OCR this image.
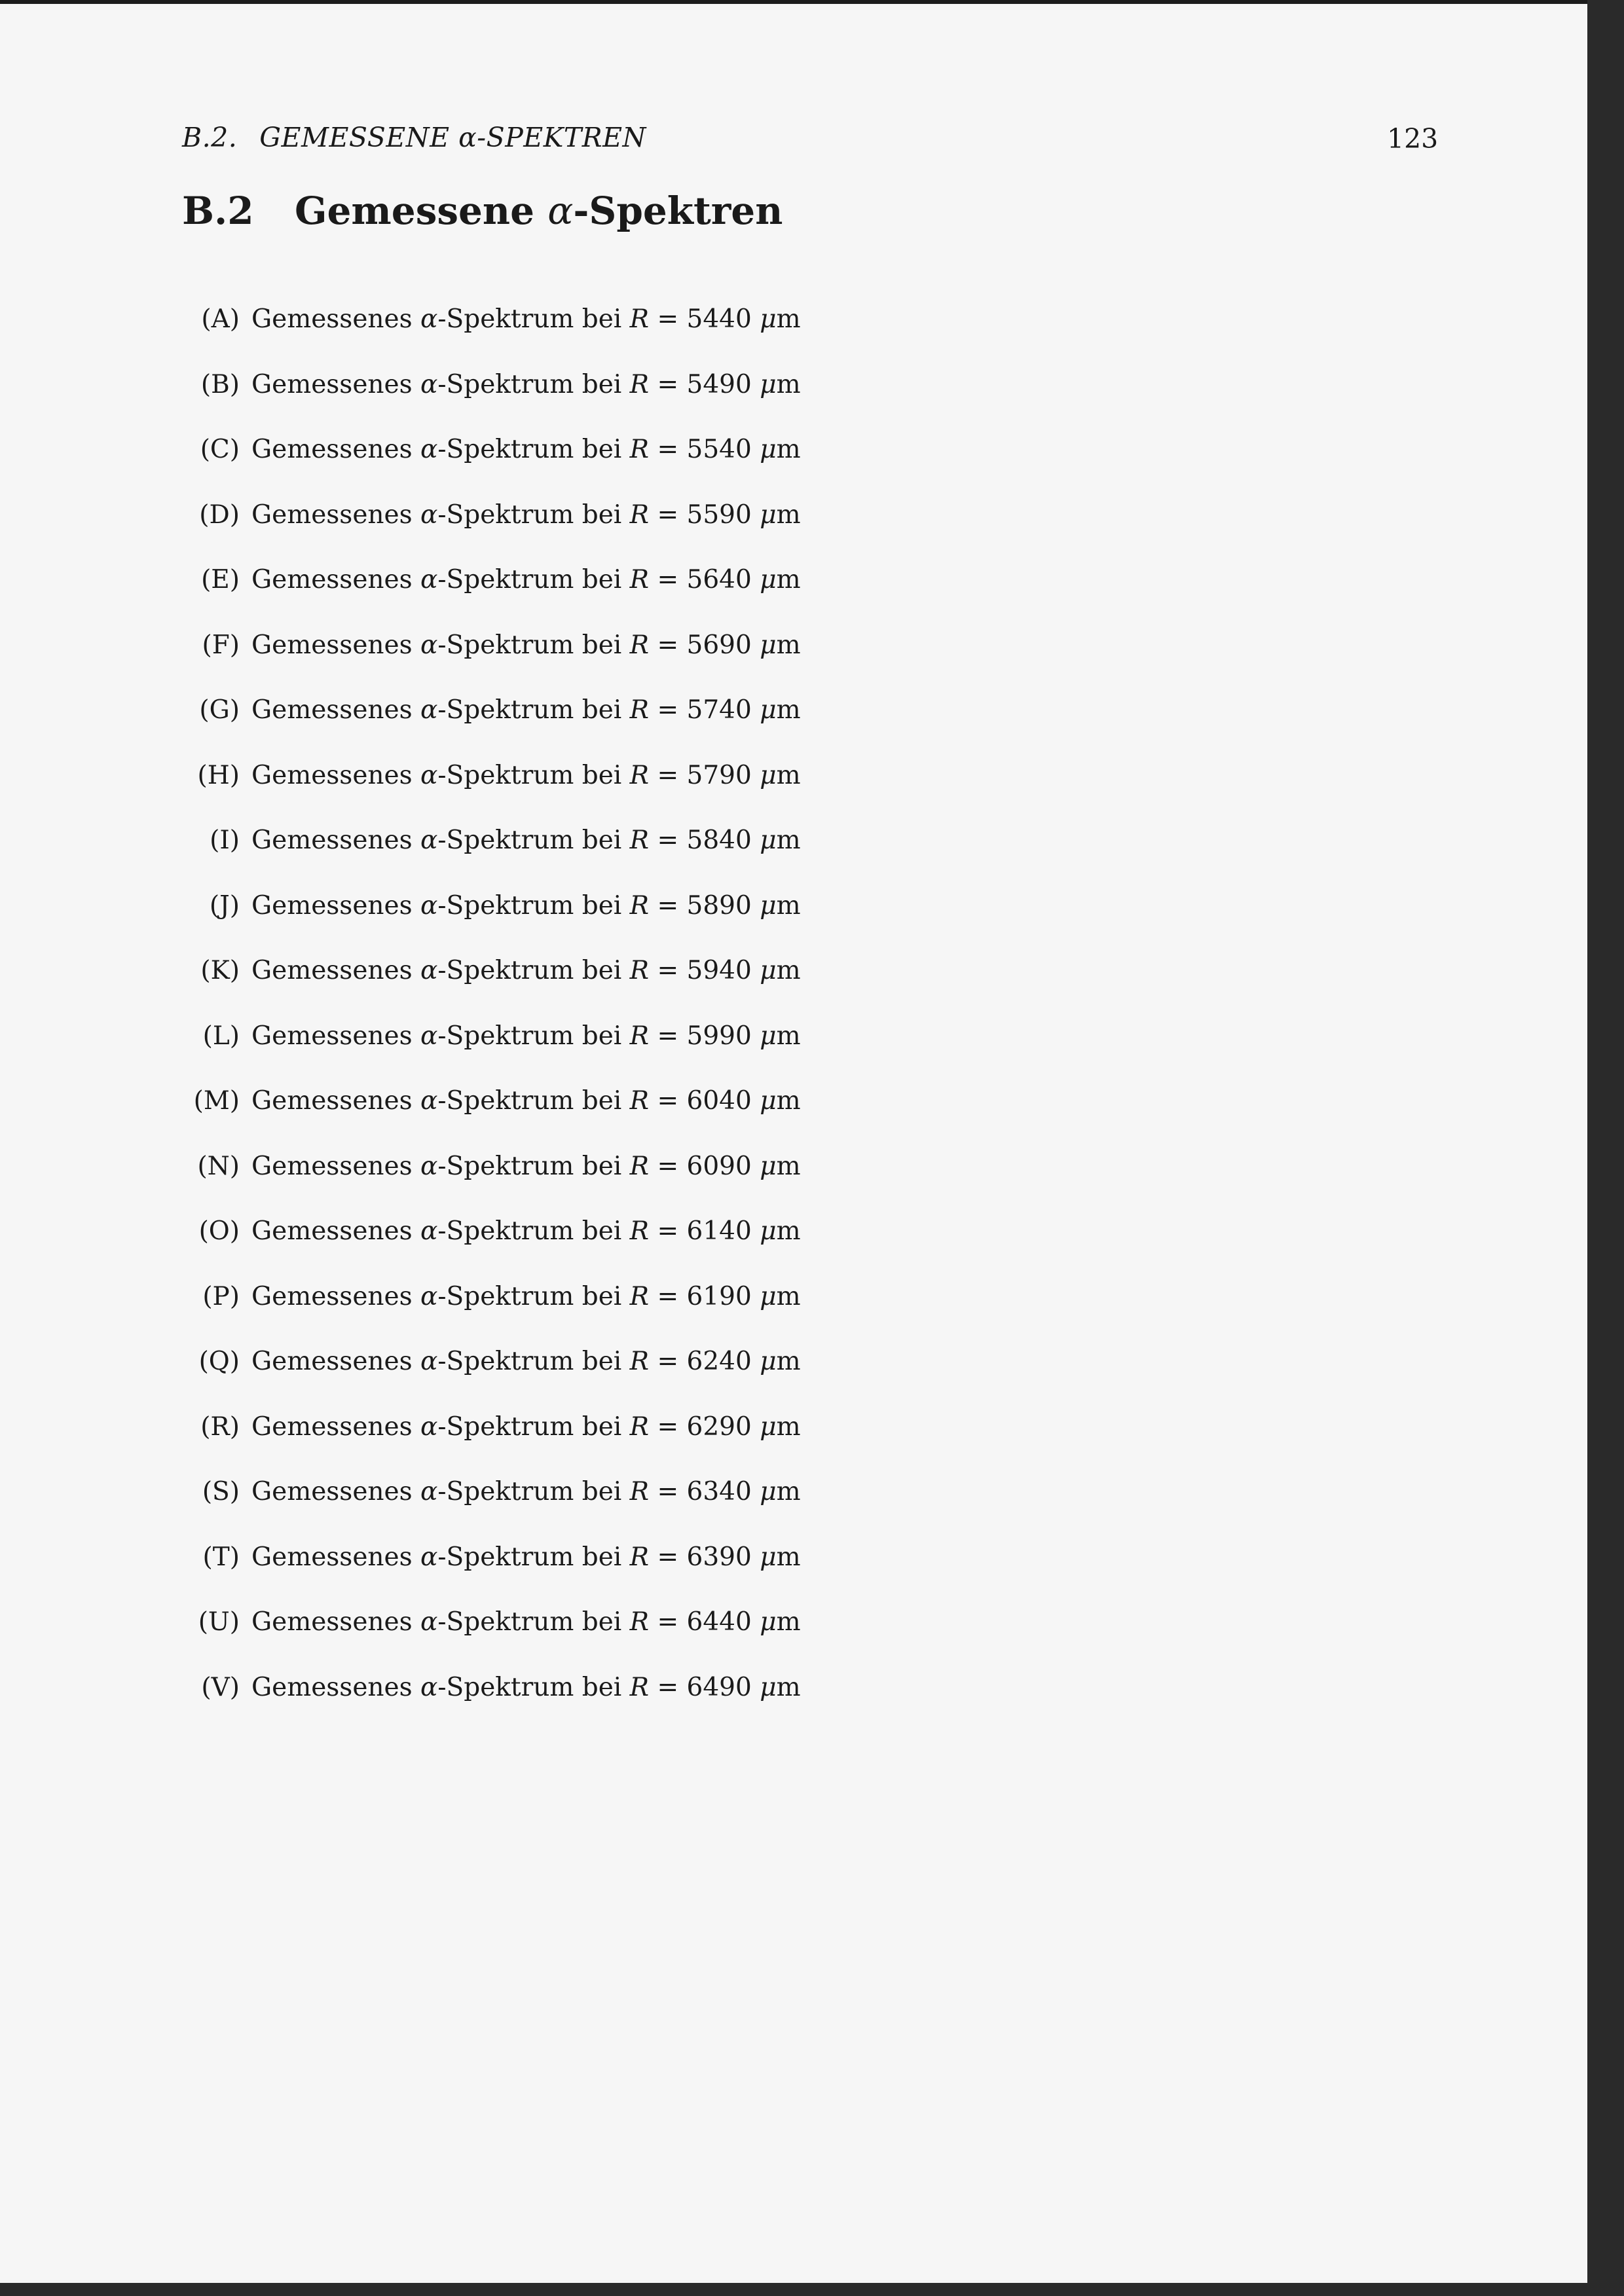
B.2. GEMESSENE α-SPEKTREN	123
B.2 Gemessene α-Spektren
(A) Gemessenes α-Spektrum bei R = 5440 μm
(B) Gemessenes α-Spektrum bei R = 5490 μm
(C) Gemessenes α-Spektrum bei R = 5540 μm
(D) Gemessenes α-Spektrum bei R = 5590 μm
(E) Gemessenes α-Spektrum bei R = 5640 μm
(F) Gemessenes α-Spektrum bei R = 5690 μm
(G) Gemessenes α-Spektrum bei R = 5740 μm
(H) Gemessenes α-Spektrum bei R = 5790 μm
(I) Gemessenes α-Spektrum bei R = 5840 μm
(J) Gemessenes α-Spektrum bei R = 5890 μm
(K) Gemessenes α-Spektrum bei R = 5940 μm
(L) Gemessenes α-Spektrum bei R = 5990 μm
(M) Gemessenes α-Spektrum bei R = 6040 μm
(N) Gemessenes α-Spektrum bei R = 6090 μm
(O) Gemessenes α-Spektrum bei R = 6140 μm
(P) Gemessenes α-Spektrum bei R = 6190 μm
(Q) Gemessenes α-Spektrum bei R = 6240 μm
(R) Gemessenes α-Spektrum bei R = 6290 μm
(S) Gemessenes α-Spektrum bei R = 6340 μm
(T) Gemessenes α-Spektrum bei R = 6390 μm
(U) Gemessenes α-Spektrum bei R = 6440 μm
(V) Gemessenes α-Spektrum bei R = 6490 μm
